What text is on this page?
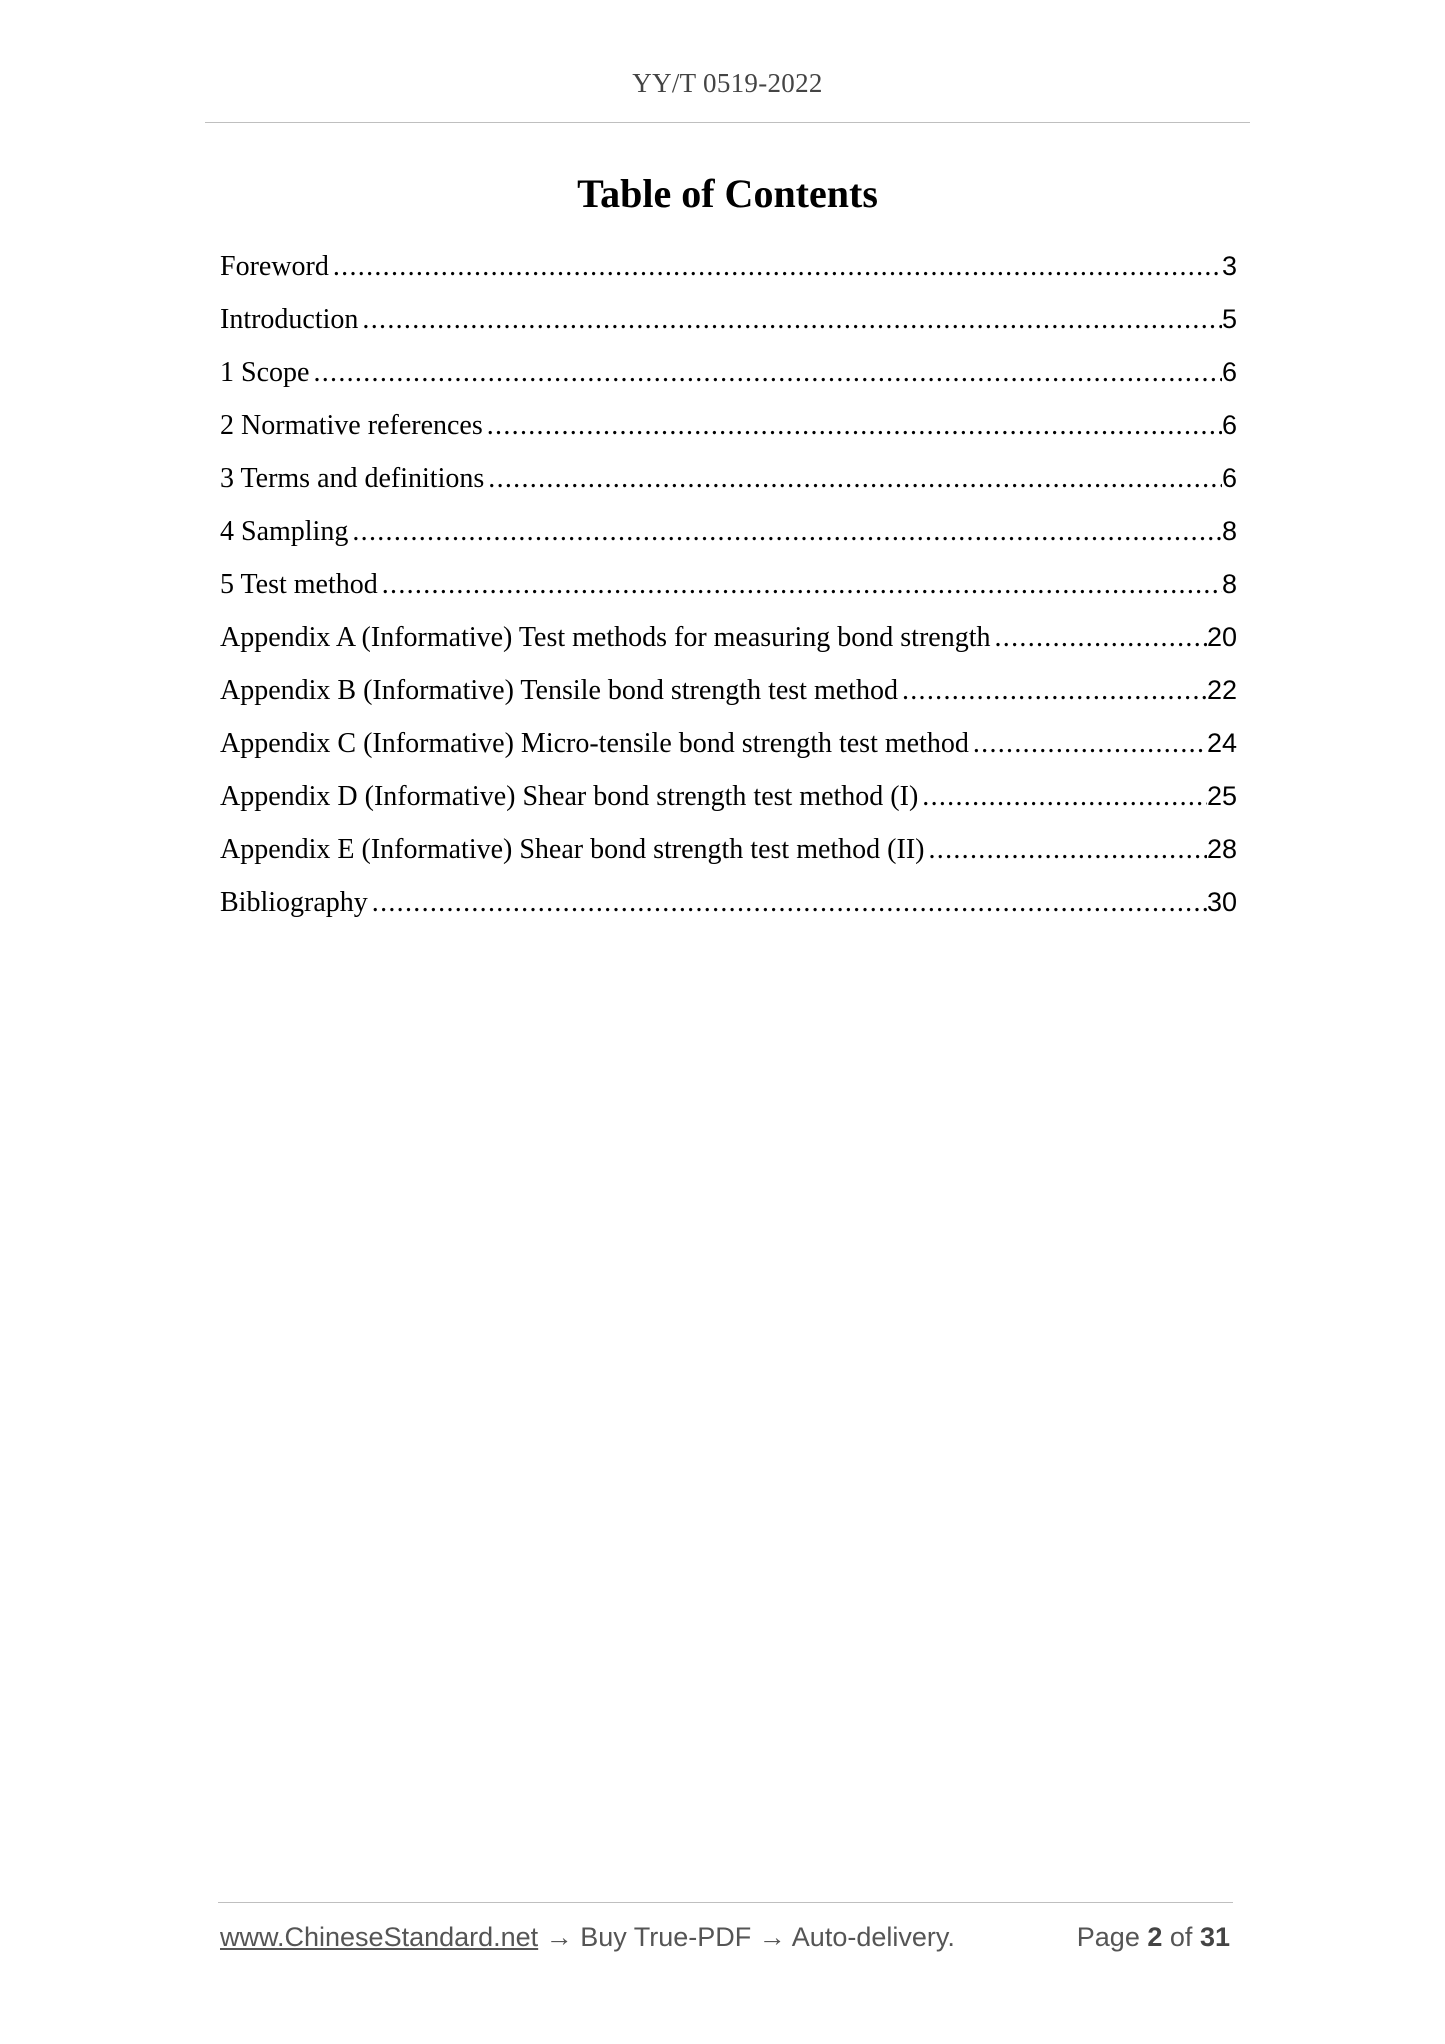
YY/T 0519-2022
Table of Contents
Foreword .....	3
Introduction .....	5
1 Scope .....	6
2 Normative references .....	6
3 Terms and definitions .....	6
4 Sampling .....	8
5 Test method .....	8
Appendix A (Informative) Test methods for measuring bond strength .....	20
Appendix B (Informative) Tensile bond strength test method .....	22
Appendix C (Informative) Micro-tensile bond strength test method .....	24
Appendix D (Informative) Shear bond strength test method (I) .....	25
Appendix E (Informative) Shear bond strength test method (II) .....	28
Bibliography .....	30
www.ChineseStandard.net → Buy True-PDF → Auto-delivery.	Page 2 of 31
